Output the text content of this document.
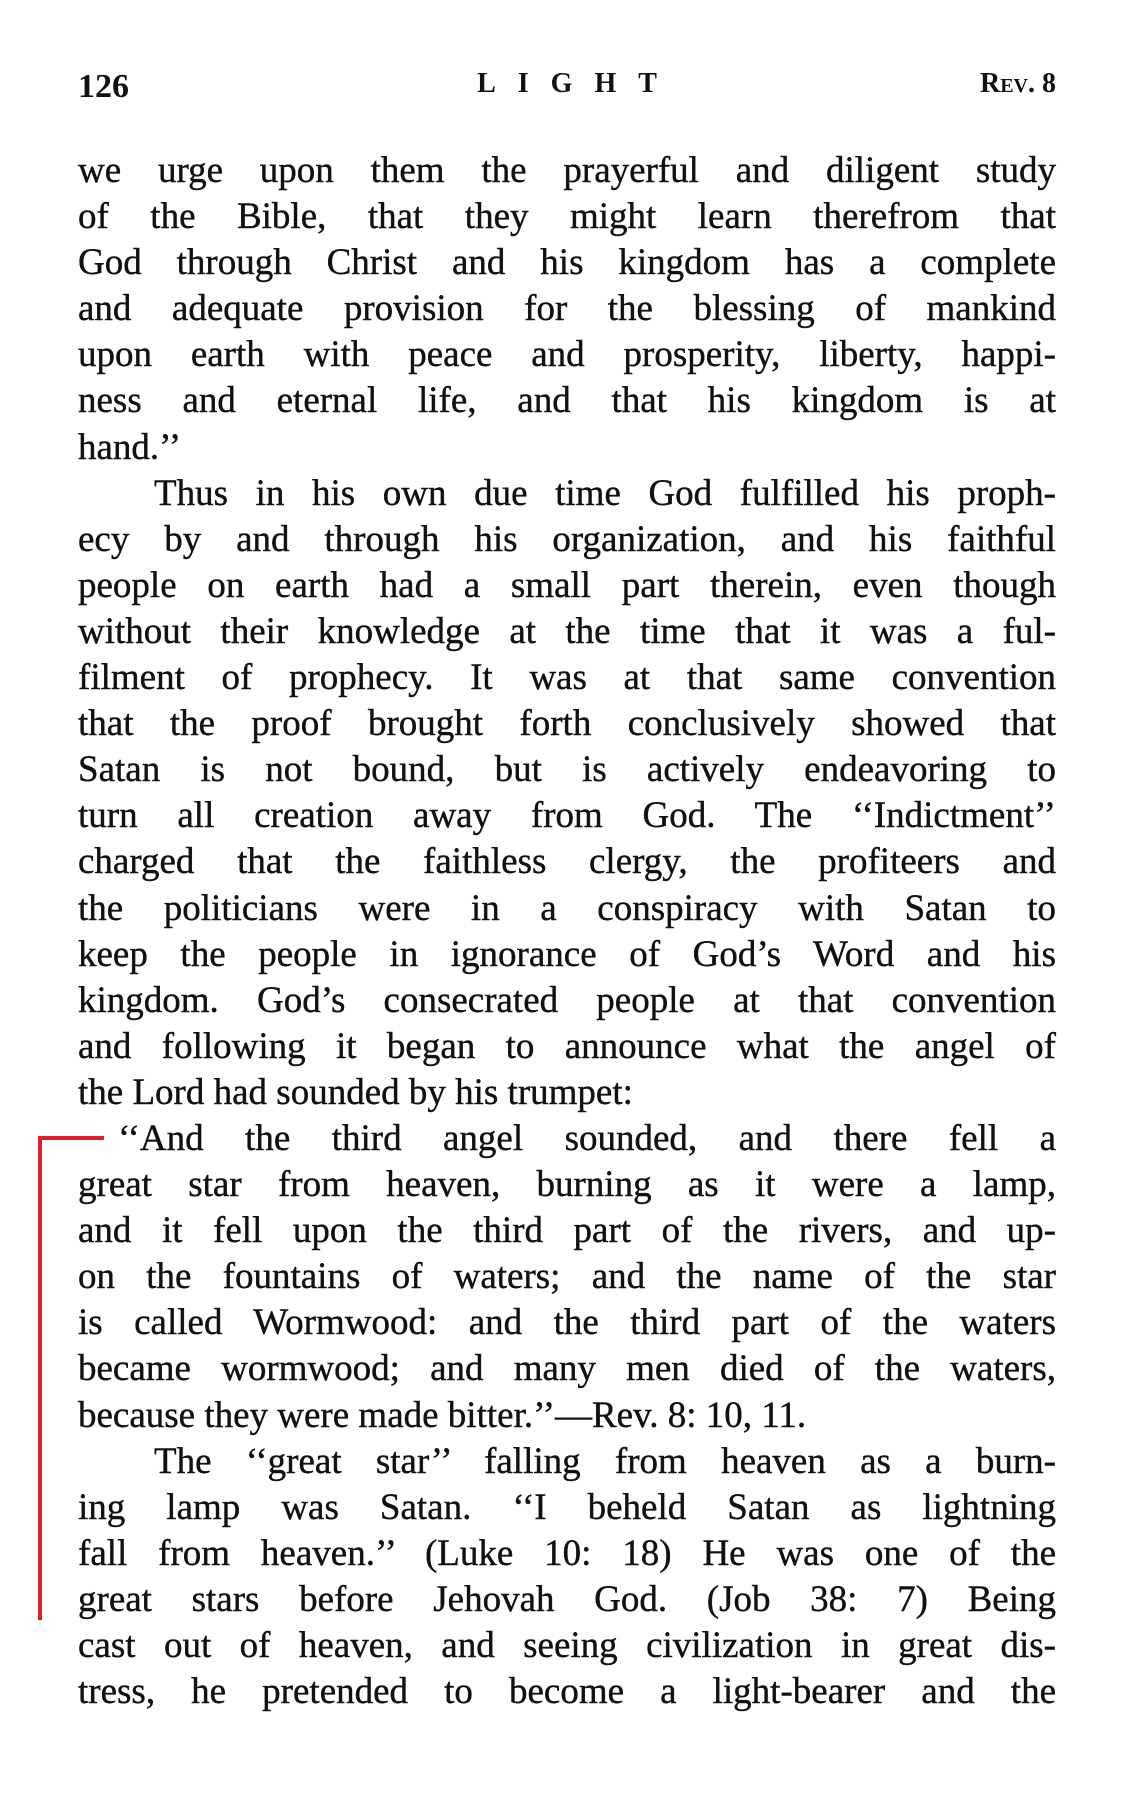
126	LIGHT	Rev. 8
we urge upon them the prayerful and diligent study
of the Bible, that they might learn therefrom that
God through Christ and his kingdom has a complete
and adequate provision for the blessing of mankind
upon earth with peace and prosperity, liberty, happi-
ness and eternal life, and that his kingdom is at
hand.’’
Thus in his own due time God fulfilled his proph-
ecy by and through his organization, and his faithful
people on earth had a small part therein, even though
without their knowledge at the time that it was a ful-
filment of prophecy. It was at that same convention
that the proof brought forth conclusively showed that
Satan is not bound, but is actively endeavoring to
turn all creation away from God. The ‘‘Indictment’’
charged that the faithless clergy, the profiteers and
the politicians were in a conspiracy with Satan to
keep the people in ignorance of God’s Word and his
kingdom. God’s consecrated people at that convention
and following it began to announce what the angel of
the Lord had sounded by his trumpet:
‘‘And the third angel sounded, and there fell a
great star from heaven, burning as it were a lamp,
and it fell upon the third part of the rivers, and up-
on the fountains of waters; and the name of the star
is called Wormwood: and the third part of the waters
became wormwood; and many men died of the waters,
because they were made bitter.’’—Rev. 8: 10, 11.
The ‘‘great star’’ falling from heaven as a burn-
ing lamp was Satan. ‘‘I beheld Satan as lightning
fall from heaven.’’ (Luke 10: 18) He was one of the
great stars before Jehovah God. (Job 38: 7) Being
cast out of heaven, and seeing civilization in great dis-
tress, he pretended to become a light-bearer and the
